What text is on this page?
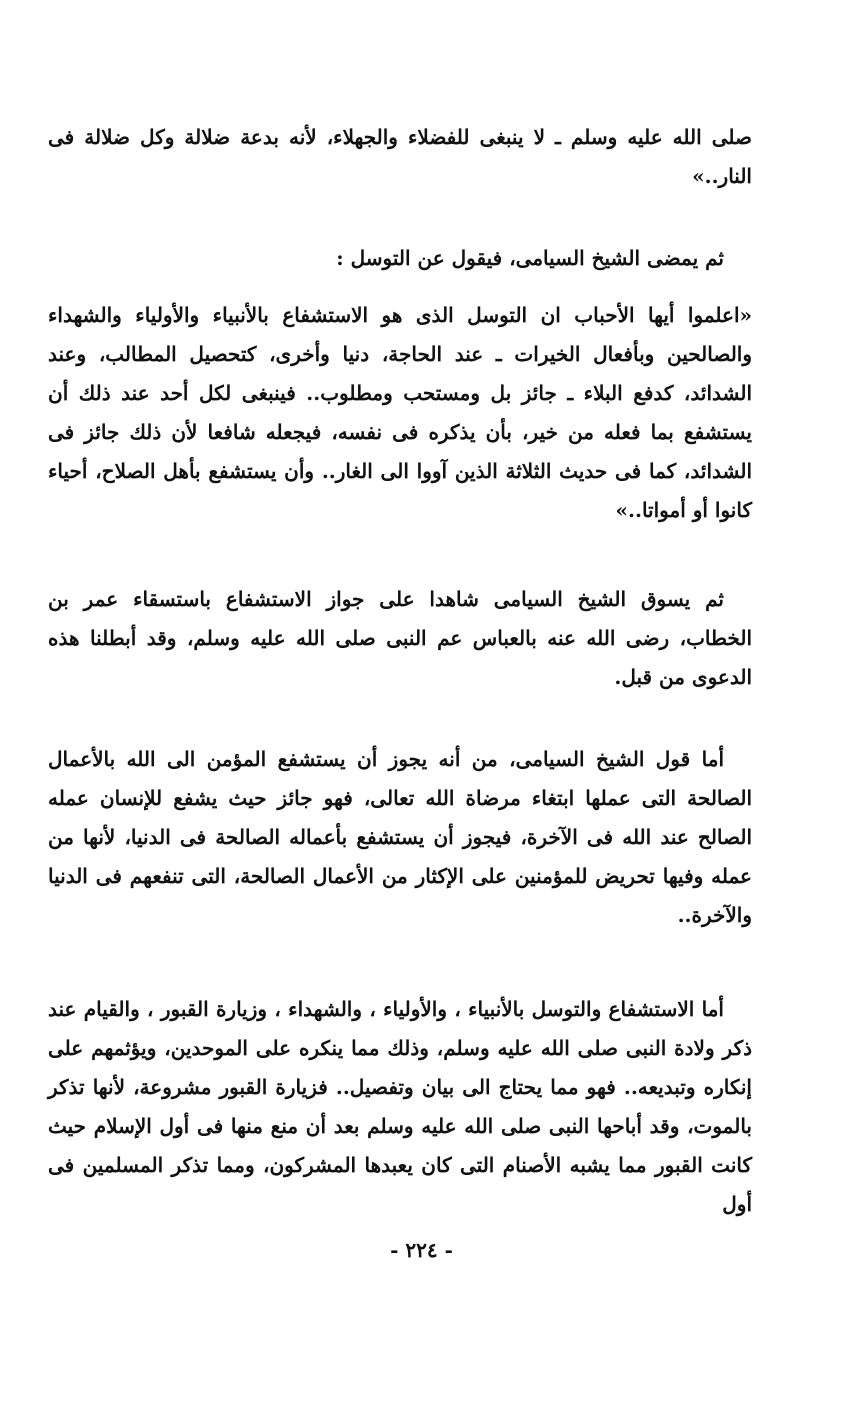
صلى الله عليه وسلم ـ لا ينبغى للفضلاء والجهلاء، لأنه بدعة ضلالة وكل ضلالة فى النار..»

ثم يمضى الشيخ السيامى، فيقول عن التوسل :

«اعلموا أيها الأحباب ان التوسل الذى هو الاستشفاع بالأنبياء والأولياء والشهداء والصالحين وبأفعال الخيرات ـ عند الحاجة، دنيا وأخرى، كتحصيل المطالب، وعند الشدائد، كدفع البلاء ـ جائز بل ومستحب ومطلوب.. فينبغى لكل أحد عند ذلك أن يستشفع بما فعله من خير، بأن يذكره فى نفسه، فيجعله شافعا لأن ذلك جائز فى الشدائد، كما فى حديث الثلاثة الذين آووا الى الغار.. وأن يستشفع بأهل الصلاح، أحياء كانوا أو أمواتا..»

ثم يسوق الشيخ السيامى شاهدا على جواز الاستشفاع باستسقاء عمر بن الخطاب، رضى الله عنه بالعباس عم النبى صلى الله عليه وسلم، وقد أبطلنا هذه الدعوى من قبل.

أما قول الشيخ السيامى، من أنه يجوز أن يستشفع المؤمن الى الله بالأعمال الصالحة التى عملها ابتغاء مرضاة الله تعالى، فهو جائز حيث يشفع للإنسان عمله الصالح عند الله فى الآخرة، فيجوز أن يستشفع بأعماله الصالحة فى الدنيا، لأنها من عمله وفيها تحريض للمؤمنين على الإكثار من الأعمال الصالحة، التى تنفعهم فى الدنيا والآخرة..

أما الاستشفاع والتوسل بالأنبياء ، والأولياء ، والشهداء ، وزيارة القبور ، والقيام عند ذكر ولادة النبى صلى الله عليه وسلم، وذلك مما ينكره على الموحدين، ويؤثمهم على إنكاره وتبديعه.. فهو مما يحتاج الى بيان وتفصيل.. فزيارة القبور مشروعة، لأنها تذكر بالموت، وقد أباحها النبى صلى الله عليه وسلم بعد أن منع منها فى أول الإسلام حيث كانت القبور مما يشبه الأصنام التى كان يعبدها المشركون، ومما تذكر المسلمين فى أول

- ٢٢٤ -
